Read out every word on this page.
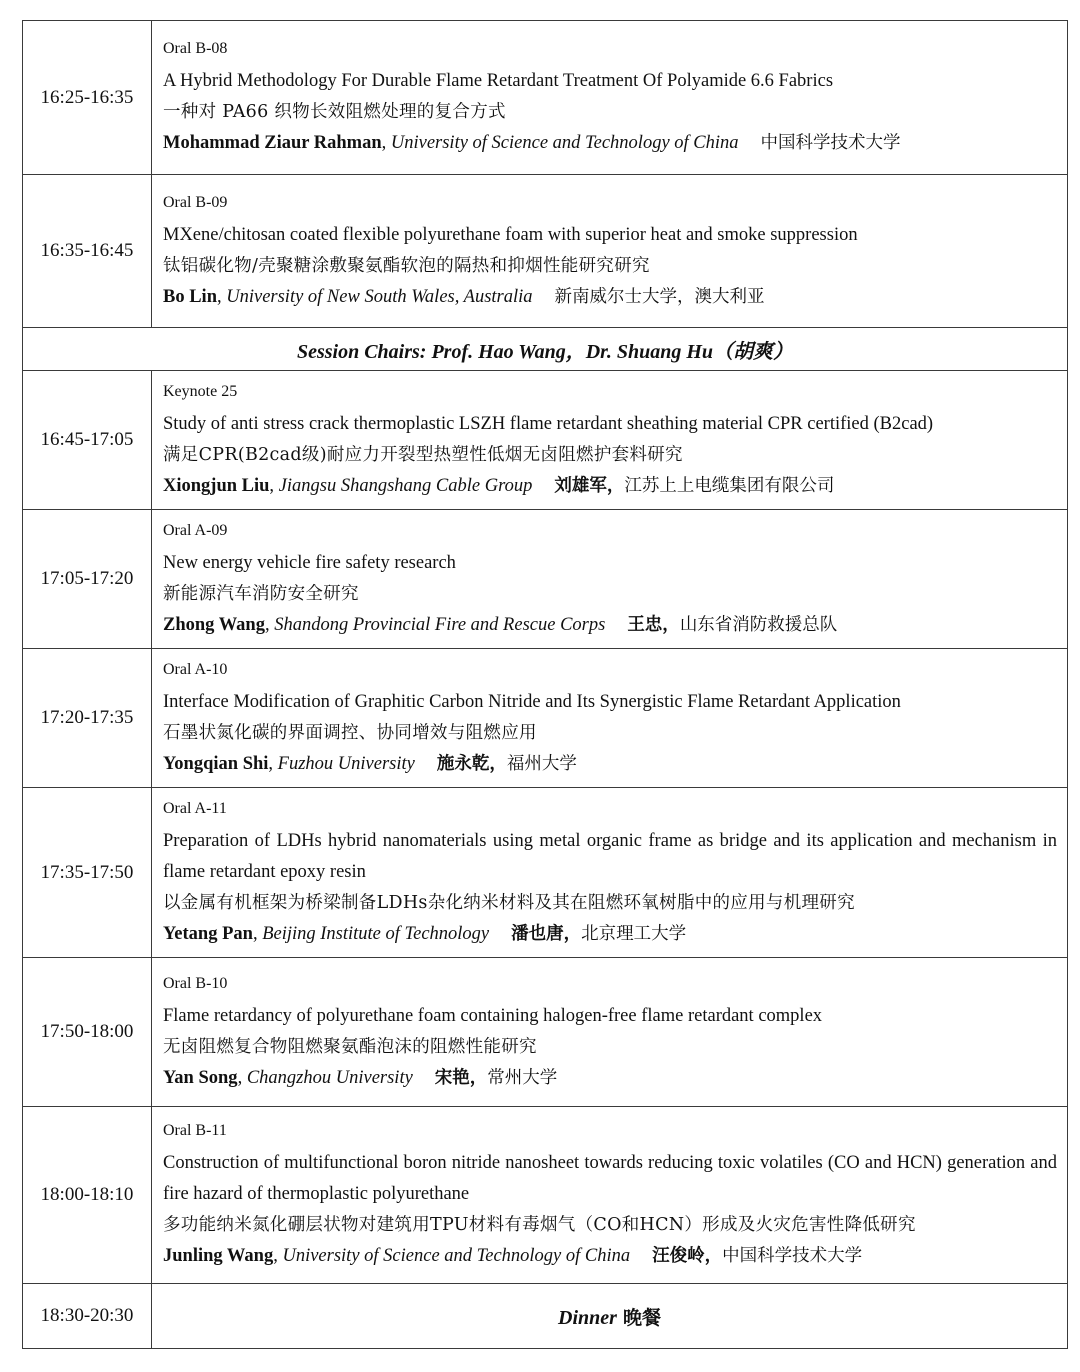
16:25-16:35	Oral B-08
A Hybrid Methodology For Durable Flame Retardant Treatment Of Polyamide 6.6 Fabrics
一种对 PA66 织物长效阻燃处理的复合方式
Mohammad Ziaur Rahman, University of Science and Technology of China 中国科学技术大学

16:35-16:45	Oral B-09
MXene/chitosan coated flexible polyurethane foam with superior heat and smoke suppression
钛铝碳化物/壳聚糖涂敷聚氨酯软泡的隔热和抑烟性能研究研究
Bo Lin, University of New South Wales, Australia 新南威尔士大学，澳大利亚

Session Chairs: Prof. Hao Wang，Dr. Shuang Hu（胡爽）	
16:45-17:05	Keynote 25
Study of anti stress crack thermoplastic LSZH flame retardant sheathing material CPR certified (B2cad)
满足CPR(B2cad级)耐应力开裂型热塑性低烟无卤阻燃护套料研究
Xiongjun Liu, Jiangsu Shangshang Cable Group 刘雄军，江苏上上电缆集团有限公司

17:05-17:20	Oral A-09
New energy vehicle fire safety research
新能源汽车消防安全研究
Zhong Wang, Shandong Provincial Fire and Rescue Corps 王忠，山东省消防救援总队

17:20-17:35	Oral A-10
Interface Modification of Graphitic Carbon Nitride and Its Synergistic Flame Retardant Application
石墨状氮化碳的界面调控、协同增效与阻燃应用
Yongqian Shi, Fuzhou University 施永乾，福州大学

17:35-17:50	Oral A-11
Preparation of LDHs hybrid nanomaterials using metal organic frame as bridge and its application and mechanism in flame retardant epoxy resin
以金属有机框架为桥梁制备LDHs杂化纳米材料及其在阻燃环氧树脂中的应用与机理研究
Yetang Pan, Beijing Institute of Technology 潘也唐，北京理工大学

17:50-18:00	Oral B-10
Flame retardancy of polyurethane foam containing halogen-free flame retardant complex
无卤阻燃复合物阻燃聚氨酯泡沫的阻燃性能研究
Yan Song, Changzhou University 宋艳，常州大学

18:00-18:10	Oral B-11
Construction of multifunctional boron nitride nanosheet towards reducing toxic volatiles (CO and HCN) generation and fire hazard of thermoplastic polyurethane
多功能纳米氮化硼层状物对建筑用TPU材料有毒烟气（CO和HCN）形成及火灾危害性降低研究
Junling Wang, University of Science and Technology of China 汪俊岭，中国科学技术大学

18:30-20:30	Dinner 晚餐
